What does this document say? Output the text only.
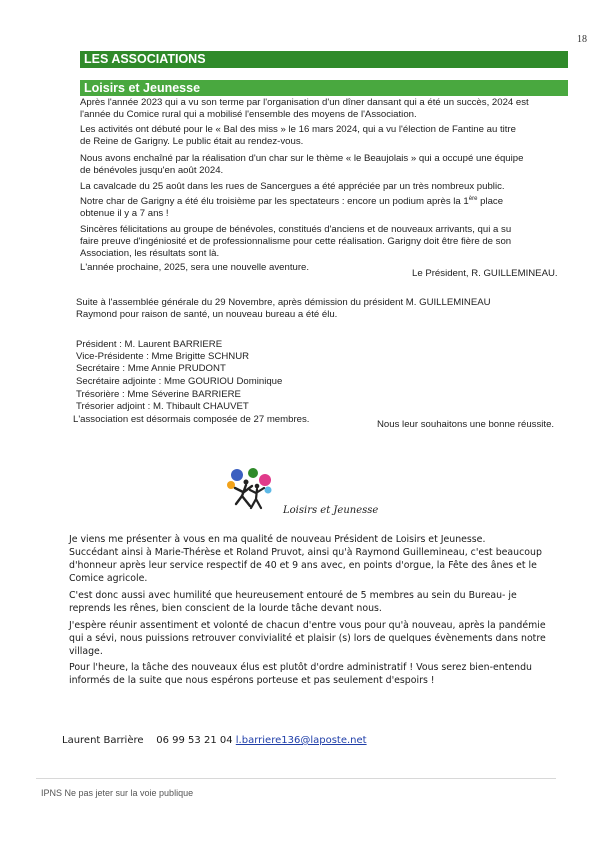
18
LES ASSOCIATIONS
Loisirs et Jeunesse
Après l'année 2023 qui a vu son terme par l'organisation d'un dîner dansant qui a été un succès, 2024 est
l'année du Comice rural qui a mobilisé l'ensemble des moyens de l'Association.
Les activités ont débuté pour le « Bal des miss » le 16 mars 2024, qui a vu l'élection de Fantine au titre
de Reine de Garigny. Le public était au rendez-vous.
Nous avons enchaîné par la réalisation d'un char sur le thème « le Beaujolais » qui a occupé une équipe
de bénévoles jusqu'en août 2024.
La cavalcade du 25 août dans les rues de Sancergues a été appréciée par un très nombreux public.
Notre char de Garigny a été élu troisième par les spectateurs : encore un podium après la 1ère place
obtenue il y a 7 ans !
Sincères félicitations au groupe de bénévoles, constitués d'anciens et de nouveaux arrivants, qui a su
faire preuve d'ingéniosité et de professionnalisme pour cette réalisation. Garigny doit être fière de son
Association, les résultats sont là.
L'année prochaine, 2025, sera une nouvelle aventure.
Le Président, R. GUILLEMINEAU.
Suite à l'assemblée générale du 29 Novembre, après démission du président M. GUILLEMINEAU
Raymond pour raison de santé, un nouveau bureau a été élu.
Président : M. Laurent BARRIERE
Vice-Présidente : Mme Brigitte SCHNUR
Secrétaire : Mme Annie PRUDONT
Secrétaire adjointe : Mme GOURIOU Dominique
Trésorière : Mme Séverine BARRIERE
Trésorier adjoint : M. Thibault CHAUVET
L'association est désormais composée de 27 membres.	Nous leur souhaitons une bonne réussite.
Loisirs et Jeunesse
Je viens me présenter à vous en ma qualité de nouveau Président de Loisirs et Jeunesse.
Succédant ainsi à Marie-Thérèse et Roland Pruvot, ainsi qu'à Raymond Guillemineau, c'est beaucoup
d'honneur après leur service respectif de 40 et 9 ans avec, en points d'orgue, la Fête des ânes et le
Comice agricole.
C'est donc aussi avec humilité que heureusement entouré de 5 membres au sein du Bureau- je
reprends les rênes, bien conscient de la lourde tâche devant nous.
J'espère réunir assentiment et volonté de chacun d'entre vous pour qu'à nouveau, après la pandémie
qui a sévi, nous puissions retrouver convivialité et plaisir (s) lors de quelques évènements dans notre
village.
Pour l'heure, la tâche des nouveaux élus est plutôt d'ordre administratif ! Vous serez bien-entendu
informés de la suite que nous espérons porteuse et pas seulement d'espoirs !
Laurent Barrière 06 99 53 21 04 l.barriere136@laposte.net
IPNS Ne pas jeter sur la voie publique
